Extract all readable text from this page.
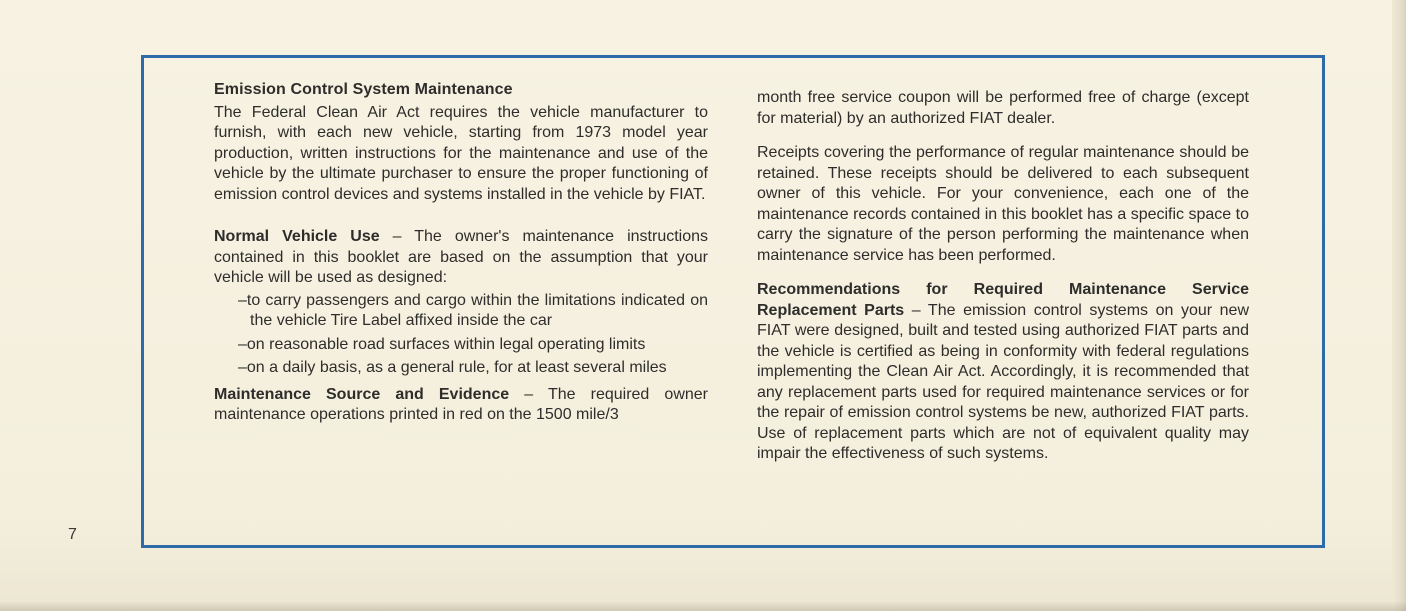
7
Emission Control System Maintenance

The Federal Clean Air Act requires the vehicle manufacturer to furnish, with each new vehicle, starting from 1973 model year production, written instructions for the maintenance and use of the vehicle by the ultimate purchaser to ensure the proper functioning of emission control devices and systems installed in the vehicle by FIAT.

Normal Vehicle Use – The owner's maintenance instructions contained in this booklet are based on the assumption that your vehicle will be used as designed:

–to carry passengers and cargo within the limitations indicated on the vehicle Tire Label affixed inside the car

–on reasonable road surfaces within legal operating limits

–on a daily basis, as a general rule, for at least several miles

Maintenance Source and Evidence – The required owner maintenance operations printed in red on the 1500 mile/3

month free service coupon will be performed free of charge (except for material) by an authorized FIAT dealer.

Receipts covering the performance of regular maintenance should be retained. These receipts should be delivered to each subsequent owner of this vehicle. For your convenience, each one of the maintenance records contained in this booklet has a specific space to carry the signature of the person performing the maintenance when maintenance service has been performed.

Recommendations for Required Maintenance Service Replacement Parts – The emission control systems on your new FIAT were designed, built and tested using authorized FIAT parts and the vehicle is certified as being in conformity with federal regulations implementing the Clean Air Act. Accordingly, it is recommended that any replacement parts used for required maintenance services or for the repair of emission control systems be new, authorized FIAT parts. Use of replacement parts which are not of equivalent quality may impair the effectiveness of such systems.
